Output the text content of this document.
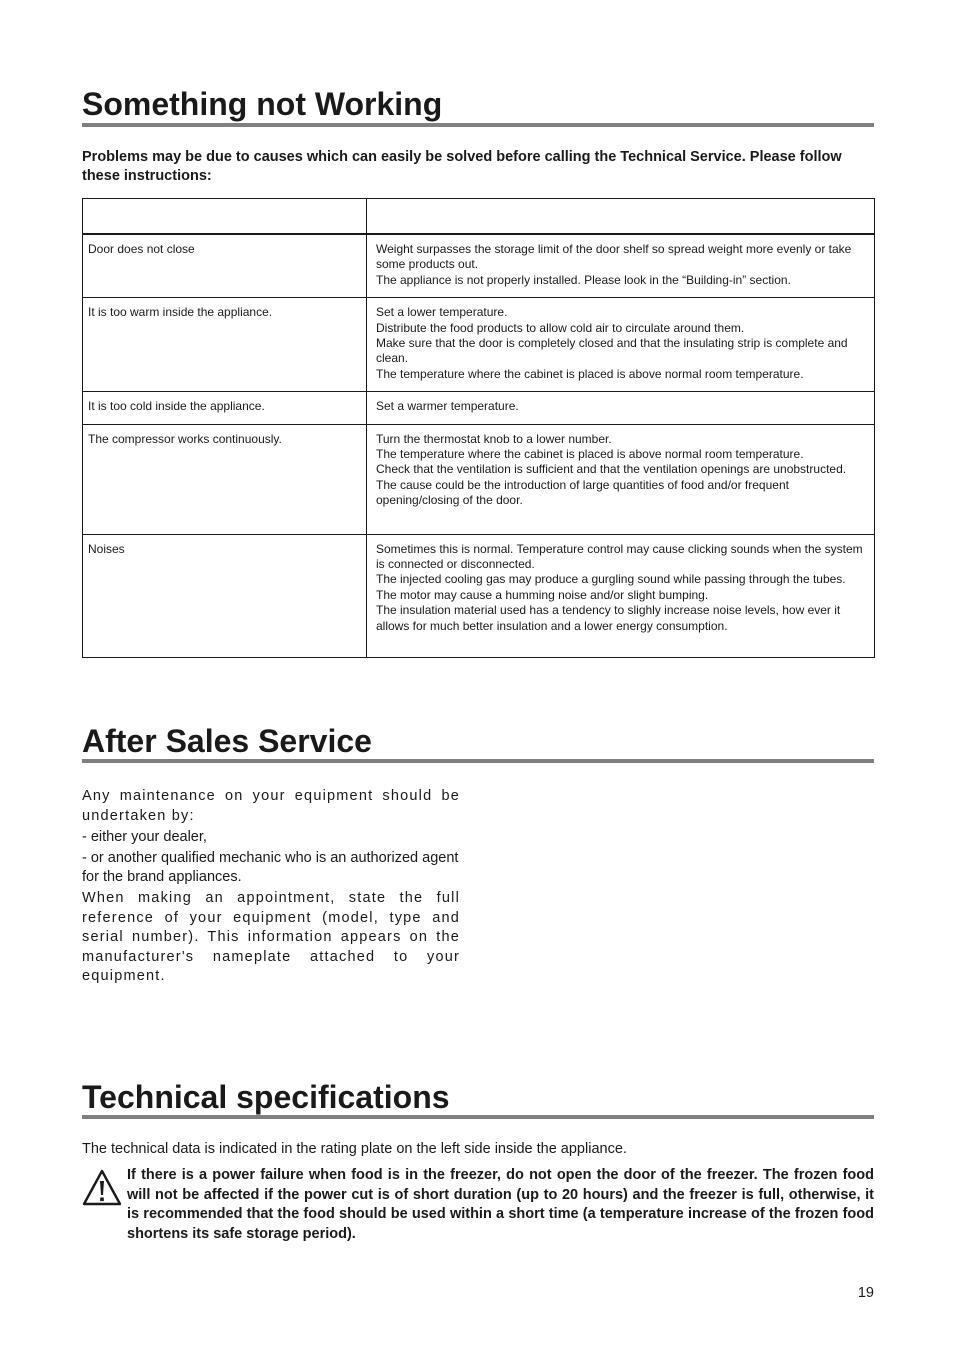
Something not Working

Problems may be due to causes which can easily be solved before calling the Technical Service. Please follow these instructions:

Door does not close	Weight surpasses the storage limit of the door shelf so spread weight more evenly or take some products out.
The appliance is not properly installed. Please look in the “Building-in” section.

It is too warm inside the appliance.	Set a lower temperature.
Distribute the food products to allow cold air to circulate around them.
Make sure that the door is completely closed and that the insulating strip is complete and clean.
The temperature where the cabinet is placed is above normal room temperature.

It is too cold inside the appliance.	Set a warmer temperature.

The compressor works continuously.	Turn the thermostat knob to a lower number.
The temperature where the cabinet is placed is above normal room temperature.
Check that the ventilation is sufficient and that the ventilation openings are unobstructed.
The cause could be the introduction of large quantities of food and/or frequent opening/closing of the door.

Noises	Sometimes this is normal. Temperature control may cause clicking sounds when the system is connected or disconnected.
The injected cooling gas may produce a gurgling sound while passing through the tubes.
The motor may cause a humming noise and/or slight bumping.
The insulation material used has a tendency to slighly increase noise levels, how ever it allows for much better insulation and a lower energy consumption.
After Sales Service

Any maintenance on your equipment should be undertaken by:

- either your dealer,

- or another qualified mechanic who is an authorized agent for the brand appliances.

When making an appointment, state the full reference of your equipment (model, type and serial number). This information appears on the manufacturer's nameplate attached to your equipment.

Technical specifications

The technical data is indicated in the rating plate on the left side inside the appliance.

If there is a power failure when food is in the freezer, do not open the door of the freezer. The frozen food will not be affected if the power cut is of short duration (up to 20 hours) and the freezer is full, otherwise, it is recommended that the food should be used within a short time (a temperature increase of the frozen food shortens its safe storage period).

19
